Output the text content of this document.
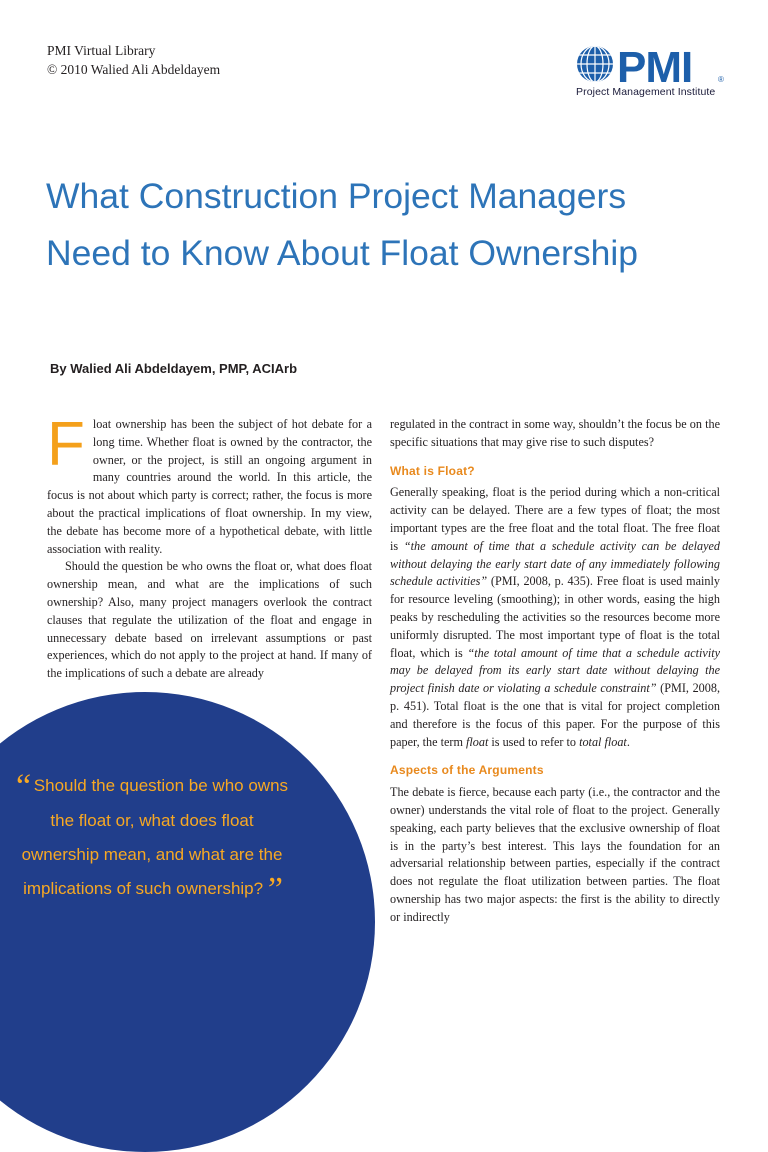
PMI Virtual Library
© 2010 Walied Ali Abdeldayem	PMI	®
Project Management Institute
What Construction Project Managers Need to Know About Float Ownership
By Walied Ali Abdeldayem, PMP, ACIArb

Float ownership has been the subject of hot debate for a long time. Whether float is owned by the contractor, the owner, or the project, is still an ongoing argument in many countries around the world. In this article, the focus is not about which party is correct; rather, the focus is more about the practical implications of float ownership. In my view, the debate has become more of a hypothetical debate, with little association with reality.

Should the question be who owns the float or, what does float ownership mean, and what are the implications of such ownership? Also, many project managers overlook the contract clauses that regulate the utilization of the float and engage in unnecessary debate based on irrelevant assumptions or past experiences, which do not apply to the project at hand. If many of the implications of such a debate are already

“ Should the question be who owns the float or, what does float ownership mean, and what are the implications of such ownership? ”

regulated in the contract in some way, shouldn’t the focus be on the specific situations that may give rise to such disputes?

What is Float?

Generally speaking, float is the period during which a non-critical activity can be delayed. There are a few types of float; the most important types are the free float and the total float. The free float is “the amount of time that a schedule activity can be delayed without delaying the early start date of any immediately following schedule activities” (PMI, 2008, p. 435). Free float is used mainly for resource leveling (smoothing); in other words, easing the high peaks by rescheduling the activities so the resources become more uniformly disrupted. The most important type of float is the total float, which is “the total amount of time that a schedule activity may be delayed from its early start date without delaying the project finish date or violating a schedule constraint” (PMI, 2008, p. 451). Total float is the one that is vital for project completion and therefore is the focus of this paper. For the purpose of this paper, the term float is used to refer to total float.

Aspects of the Arguments

The debate is fierce, because each party (i.e., the contractor and the owner) understands the vital role of float to the project. Generally speaking, each party believes that the exclusive ownership of float is in the party’s best interest. This lays the foundation for an adversarial relationship between parties, especially if the contract does not regulate the float utilization between parties. The float ownership has two major aspects: the first is the ability to directly or indirectly
